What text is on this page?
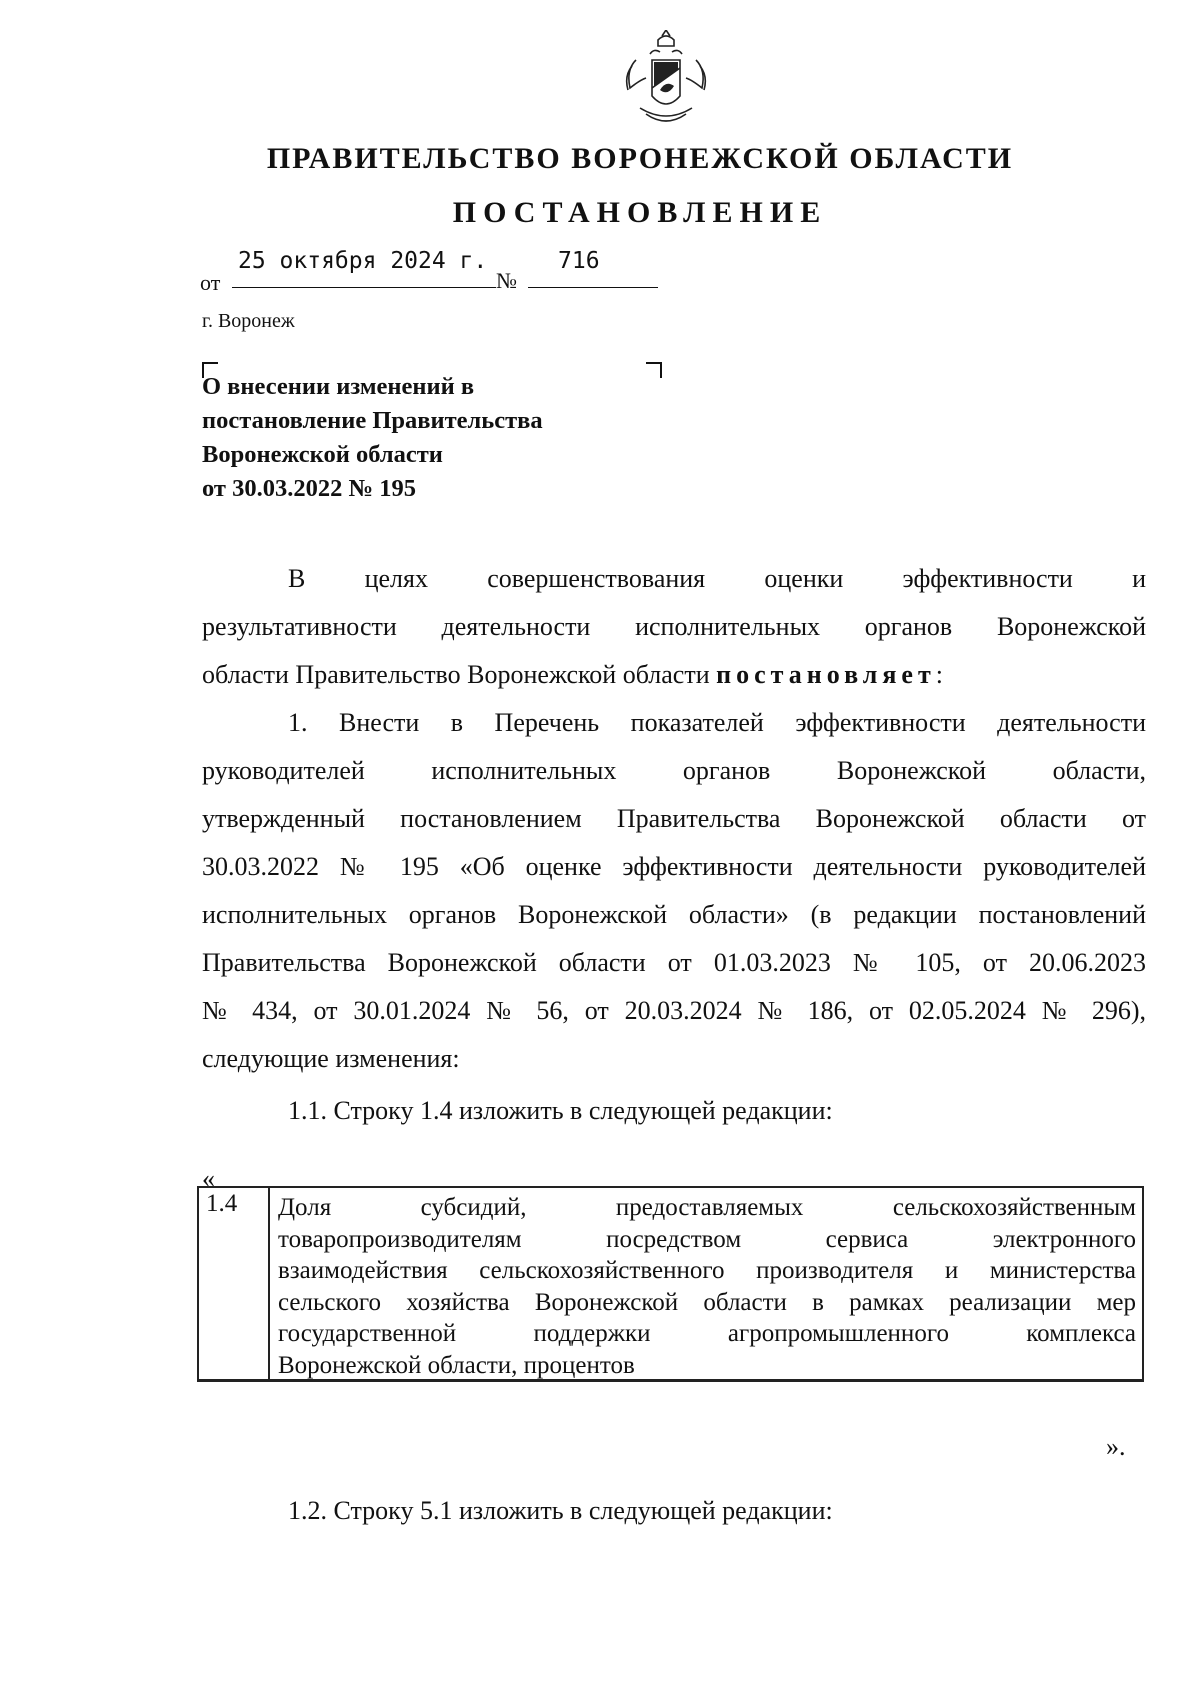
ПРАВИТЕЛЬСТВО ВОРОНЕЖСКОЙ ОБЛАСТИ
ПОСТАНОВЛЕНИЕ
от
25 октября 2024 г.
№
716
г. Воронеж
О внесении изменений в
постановление Правительства
Воронежской области
от 30.03.2022 № 195
В целях совершенствования оценки эффективности и
результативности деятельности исполнительных органов Воронежской
области Правительство Воронежской области постановляет:
1. Внести в Перечень показателей эффективности деятельности
руководителей исполнительных органов Воронежской области,
утвержденный постановлением Правительства Воронежской области от
30.03.2022 № 195 «Об оценке эффективности деятельности руководителей
исполнительных органов Воронежской области» (в редакции постановлений
Правительства Воронежской области от 01.03.2023 № 105, от 20.06.2023
№ 434, от 30.01.2024 № 56, от 20.03.2024 № 186, от 02.05.2024 № 296),
следующие изменения:
1.1. Строку 1.4 изложить в следующей редакции:
«
1.4 Доля субсидий, предоставляемых сельскохозяйственным
товаропроизводителям посредством сервиса электронного
взаимодействия сельскохозяйственного производителя и министерства
сельского хозяйства Воронежской области в рамках реализации мер
государственной поддержки агропромышленного комплекса
Воронежской области, процентов
».
1.2. Строку 5.1 изложить в следующей редакции:
